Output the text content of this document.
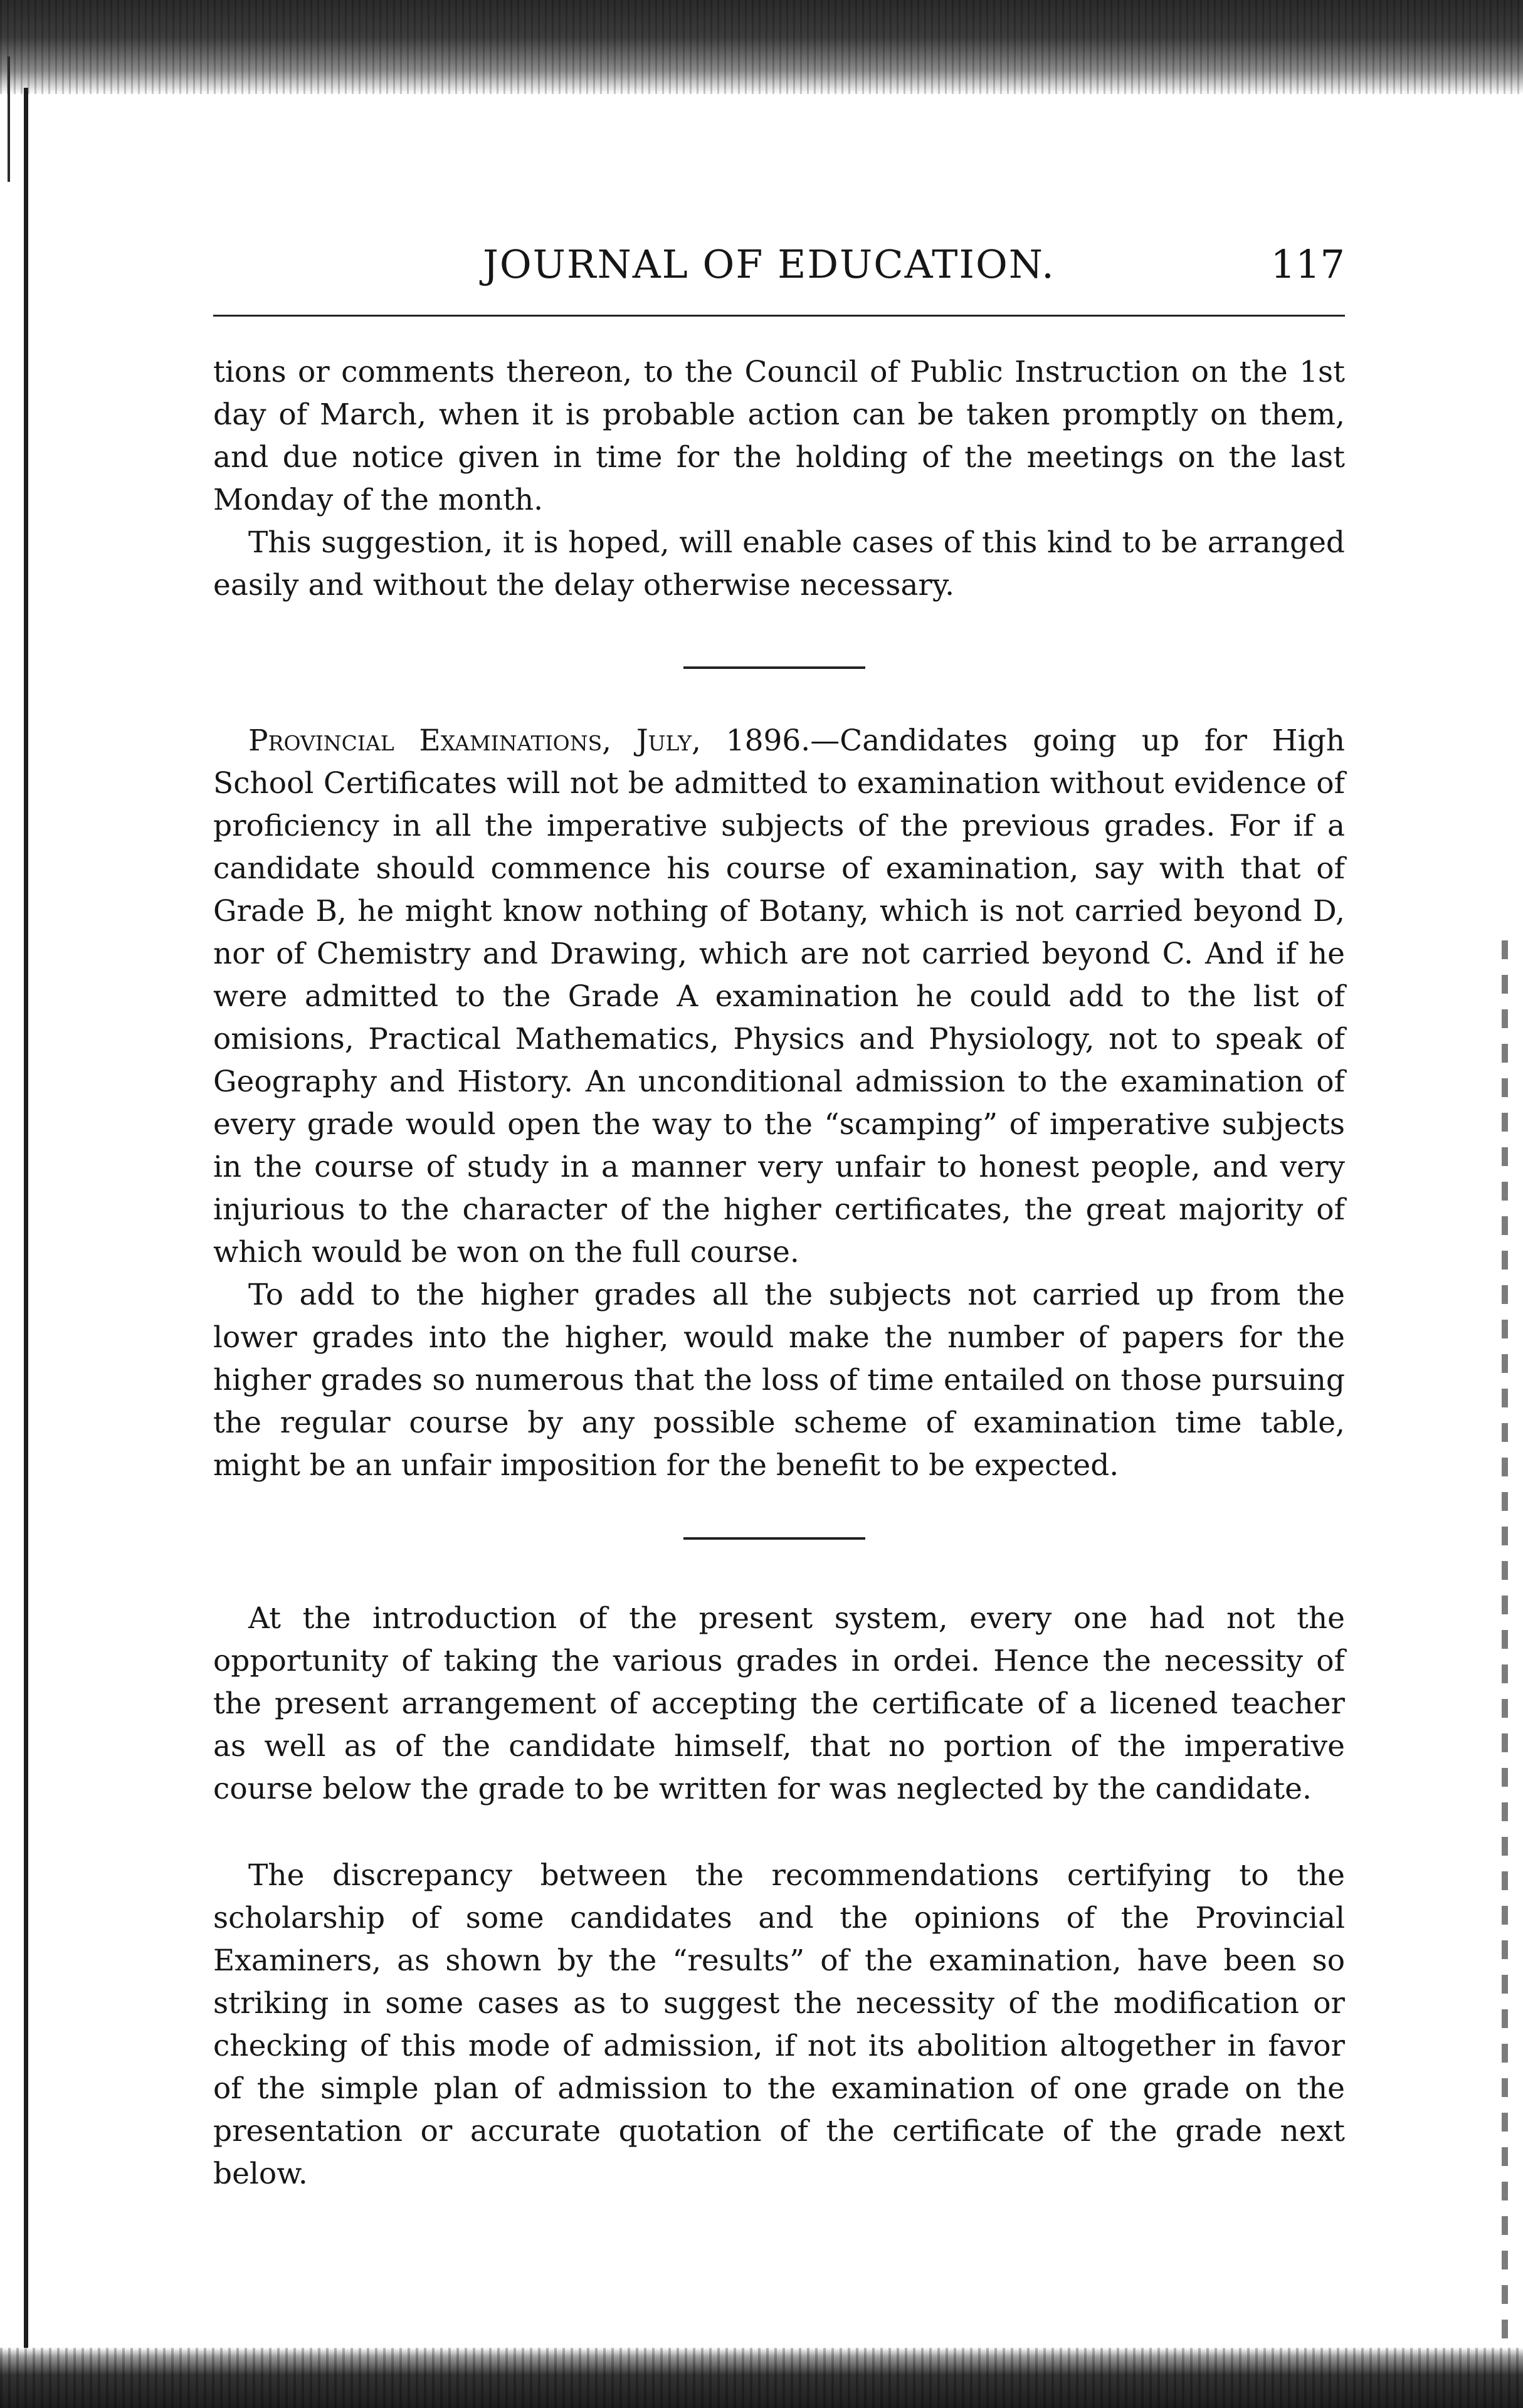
JOURNAL OF EDUCATION.	117

tions or comments thereon, to the Council of Public Instruction on the 1st day of March, when it is probable action can be taken promptly on them, and due notice given in time for the holding of the meetings on the last Monday of the month.

This suggestion, it is hoped, will enable cases of this kind to be arranged easily and without the delay otherwise necessary.

Provincial Examinations, July, 1896.—Candidates going up for High School Certificates will not be admitted to examination without evidence of proficiency in all the imperative subjects of the previous grades. For if a candidate should commence his course of examination, say with that of Grade B, he might know nothing of Botany, which is not carried beyond D, nor of Chemistry and Drawing, which are not carried beyond C. And if he were admitted to the Grade A examination he could add to the list of omisions, Practical Mathematics, Physics and Physiology, not to speak of Geography and History. An unconditional admission to the examination of every grade would open the way to the “scamping” of imperative subjects in the course of study in a manner very unfair to honest people, and very injurious to the character of the higher certificates, the great majority of which would be won on the full course.

To add to the higher grades all the subjects not carried up from the lower grades into the higher, would make the number of papers for the higher grades so numerous that the loss of time entailed on those pursuing the regular course by any possible scheme of examination time table, might be an unfair imposition for the benefit to be expected.

At the introduction of the present system, every one had not the opportunity of taking the various grades in ordei. Hence the necessity of the present arrangement of accepting the certificate of a licened teacher as well as of the candidate himself, that no portion of the imperative course below the grade to be written for was neglected by the candidate.

The discrepancy between the recommendations certifying to the scholarship of some candidates and the opinions of the Provincial Examiners, as shown by the “results” of the examination, have been so striking in some cases as to suggest the necessity of the modification or checking of this mode of admission, if not its abolition altogether in favor of the simple plan of admission to the examination of one grade on the presentation or accurate quotation of the certificate of the grade next below.
